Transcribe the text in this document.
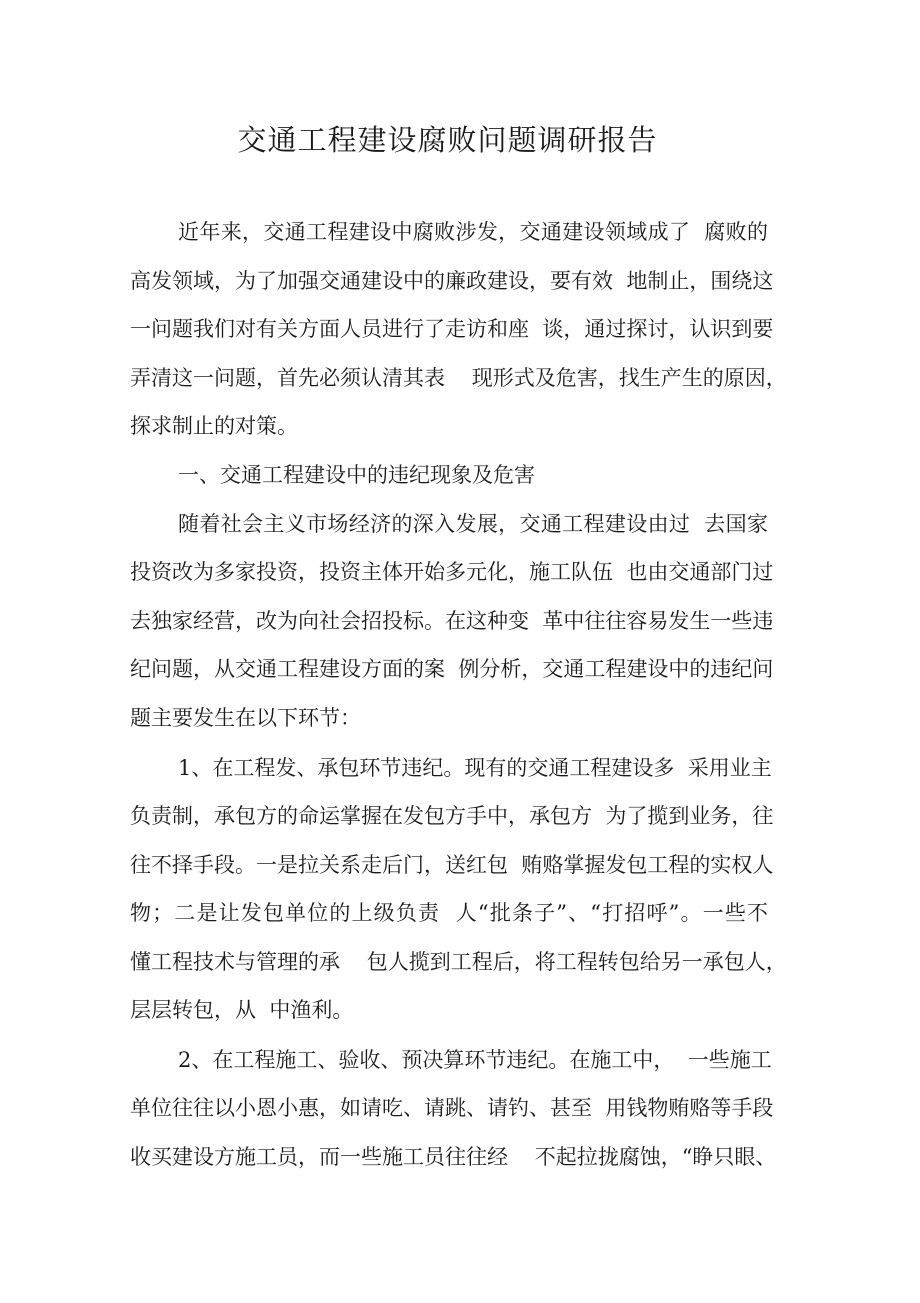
交通工程建设腐败问题调研报告

近年来，交通工程建设中腐败涉发，交通建设领域成了  腐败的

高发领域，为了加强交通建设中的廉政建设，要有效  地制止，围绕这

一问题我们对有关方面人员进行了走访和座  谈，通过探讨，认识到要

弄清这一问题，首先必须认清其表    现形式及危害，找生产生的原因，

探求制止的对策。

一、交通工程建设中的违纪现象及危害

随着社会主义市场经济的深入发展，交通工程建设由过  去国家

投资改为多家投资，投资主体开始多元化，施工队伍  也由交通部门过

去独家经营，改为向社会招投标。在这种变  革中往往容易发生一些违

纪问题，从交通工程建设方面的案  例分析，交通工程建设中的违纪问

题主要发生在以下环节：

1、在工程发、承包环节违纪。现有的交通工程建设多  采用业主

负责制，承包方的命运掌握在发包方手中，承包方  为了揽到业务，往

往不择手段。一是拉关系走后门，送红包  贿赂掌握发包工程的实权人

物；二是让发包单位的上级负责  人“批条子”、“打招呼”。一些不

懂工程技术与管理的承    包人揽到工程后，将工程转包给另一承包人，

层层转包，从  中渔利。

2、在工程施工、验收、预决算环节违纪。在施工中，  一些施工

单位往往以小恩小惠，如请吃、请跳、请钓、甚至  用钱物贿赂等手段

收买建设方施工员，而一些施工员往往经    不起拉拢腐蚀，“睁只眼、
